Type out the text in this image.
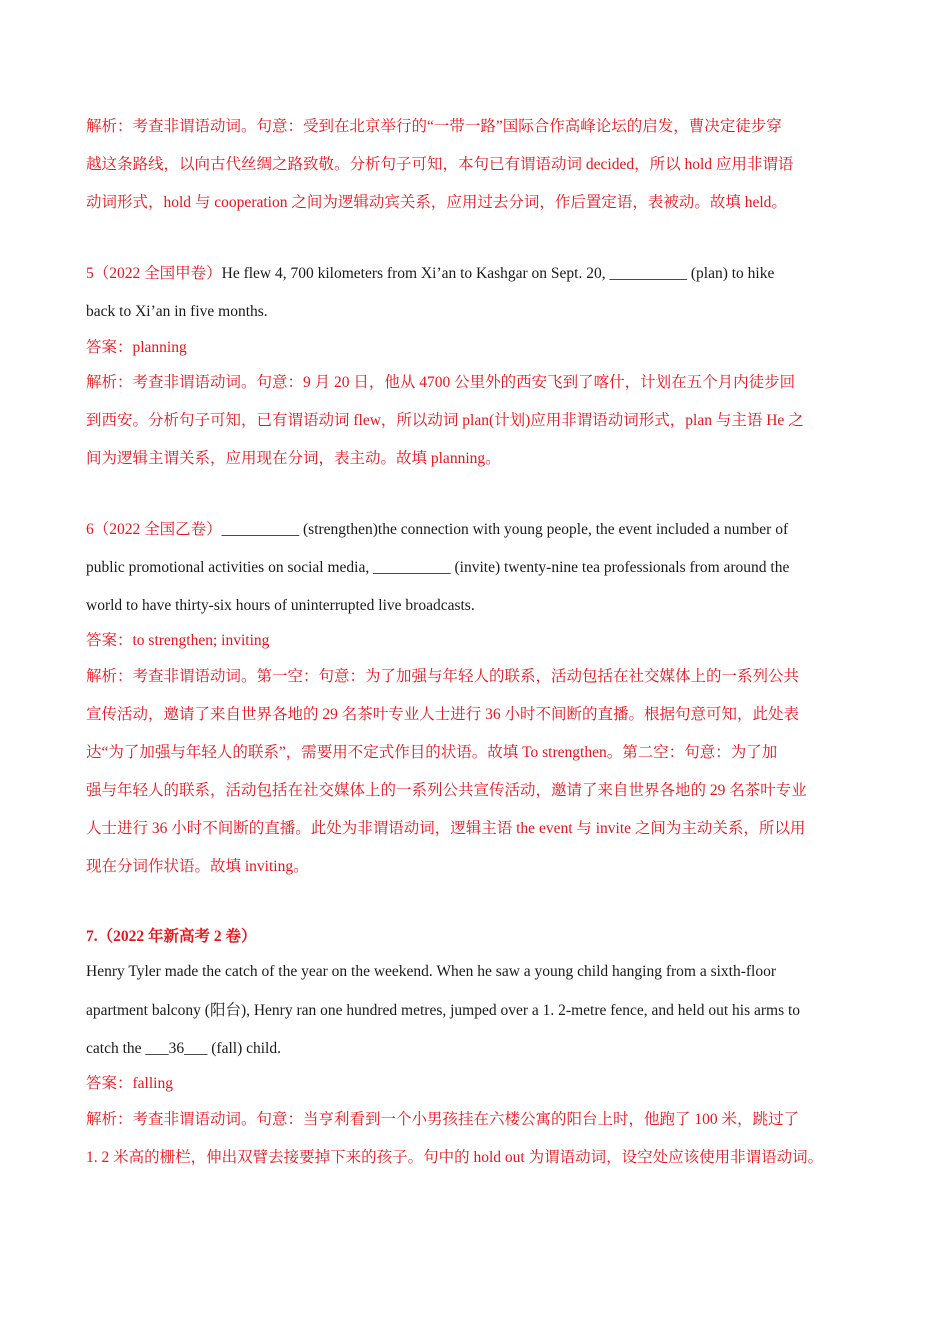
解析：考查非谓语动词。句意：受到在北京举行的“一带一路”国际合作高峰论坛的启发，曹决定徒步穿
越这条路线，以向古代丝绸之路致敬。分析句子可知，本句已有谓语动词 decided，所以 hold 应用非谓语
动词形式，hold 与 cooperation 之间为逻辑动宾关系，应用过去分词，作后置定语，表被动。故填 held。
5（2022 全国甲卷）He flew 4, 700 kilometers from Xi’an to Kashgar on Sept. 20, __________ (plan) to hike
back to Xi’an in five months.
答案：planning
解析：考查非谓语动词。句意：9 月 20 日，他从 4700 公里外的西安飞到了喀什，计划在五个月内徒步回
到西安。分析句子可知，已有谓语动词 flew，所以动词 plan(计划)应用非谓语动词形式，plan 与主语 He 之
间为逻辑主谓关系，应用现在分词，表主动。故填 planning。
6（2022 全国乙卷）__________ (strengthen)the connection with young people, the event included a number of
public promotional activities on social media, __________ (invite) twenty-nine tea professionals from around the
world to have thirty-six hours of uninterrupted live broadcasts.
答案：to strengthen; inviting
解析：考查非谓语动词。第一空：句意：为了加强与年轻人的联系，活动包括在社交媒体上的一系列公共
宣传活动，邀请了来自世界各地的 29 名茶叶专业人士进行 36 小时不间断的直播。根据句意可知，此处表
达“为了加强与年轻人的联系”，需要用不定式作目的状语。故填 To strengthen。第二空：句意：为了加
强与年轻人的联系，活动包括在社交媒体上的一系列公共宣传活动，邀请了来自世界各地的 29 名茶叶专业
人士进行 36 小时不间断的直播。此处为非谓语动词，逻辑主语 the event 与 invite 之间为主动关系，所以用
现在分词作状语。故填 inviting。
7.（2022 年新高考 2 卷）
Henry Tyler made the catch of the year on the weekend. When he saw a young child hanging from a sixth-floor
apartment balcony (阳台), Henry ran one hundred metres, jumped over a 1. 2-metre fence, and held out his arms to
catch the ___36___ (fall) child.
答案：falling
解析：考查非谓语动词。句意：当亨利看到一个小男孩挂在六楼公寓的阳台上时，他跑了 100 米，跳过了
1. 2 米高的栅栏，伸出双臂去接要掉下来的孩子。句中的 hold out 为谓语动词，设空处应该使用非谓语动词。
